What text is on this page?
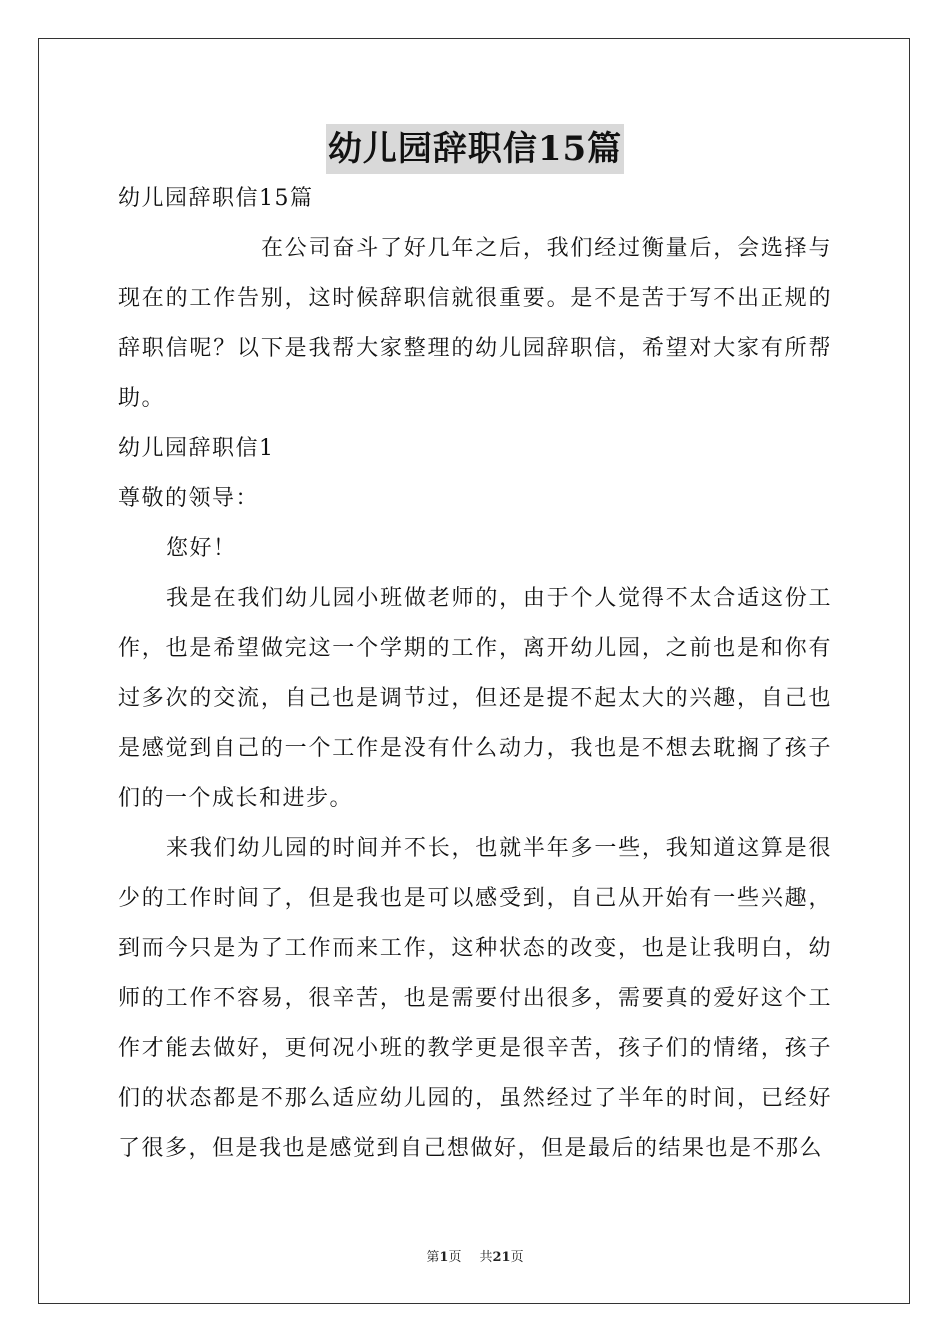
幼儿园辞职信15篇

幼儿园辞职信15篇

在公司奋斗了好几年之后，我们经过衡量后，会选择与现在的工作告别，这时候辞职信就很重要。是不是苦于写不出正规的辞职信呢？以下是我帮大家整理的幼儿园辞职信，希望对大家有所帮助。

幼儿园辞职信1

尊敬的领导：

您好！

我是在我们幼儿园小班做老师的，由于个人觉得不太合适这份工作，也是希望做完这一个学期的工作，离开幼儿园，之前也是和你有过多次的交流，自己也是调节过，但还是提不起太大的兴趣，自己也是感觉到自己的一个工作是没有什么动力，我也是不想去耽搁了孩子们的一个成长和进步。

来我们幼儿园的时间并不长，也就半年多一些，我知道这算是很少的工作时间了，但是我也是可以感受到，自己从开始有一些兴趣，到而今只是为了工作而来工作，这种状态的改变，也是让我明白，幼师的工作不容易，很辛苦，也是需要付出很多，需要真的爱好这个工作才能去做好，更何况小班的教学更是很辛苦，孩子们的情绪，孩子们的状态都是不那么适应幼儿园的，虽然经过了半年的时间，已经好了很多，但是我也是感觉到自己想做好，但是最后的结果也是不那么

第1页 共21页
